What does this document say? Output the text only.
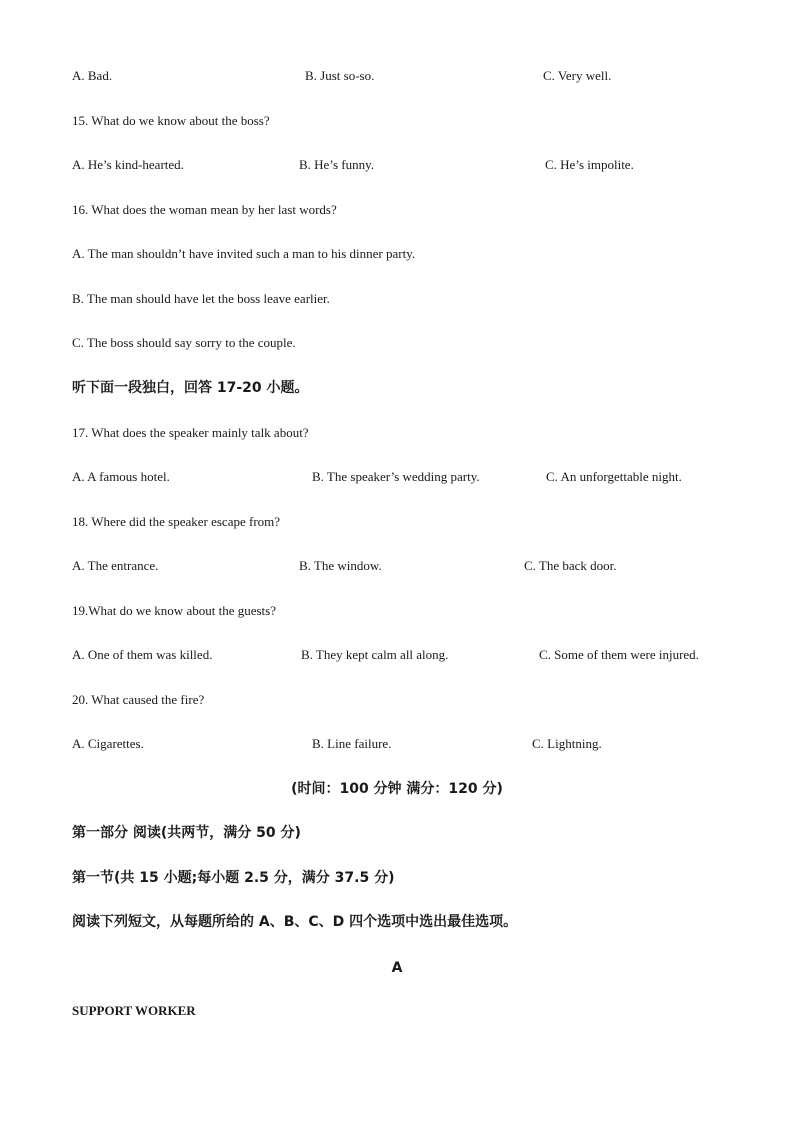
A. Bad.	B. Just so-so.	C. Very well.
15. What do we know about the boss?
A. He’s kind-hearted.	B. He’s funny.	C. He’s impolite.
16. What does the woman mean by her last words?
A. The man shouldn’t have invited such a man to his dinner party.
B. The man should have let the boss leave earlier.
C. The boss should say sorry to the couple.
听下面一段独白，回答 17-20 小题。
17. What does the speaker mainly talk about?
A. A famous hotel.	B. The speaker’s wedding party.	C. An unforgettable night.
18. Where did the speaker escape from?
A. The entrance.	B. The window.	C. The back door.
19.What do we know about the guests?
A. One of them was killed.	B. They kept calm all along.	C. Some of them were injured.
20. What caused the fire?
A. Cigarettes.	B. Line failure.	C. Lightning.
(时间：100 分钟 满分：120 分)
第一部分 阅读(共两节，满分 50 分)
第一节(共 15 小题;每小题 2.5 分，满分 37.5 分)
阅读下列短文，从每题所给的 A、B、C、D 四个选项中选出最佳选项。
A
SUPPORT WORKER
